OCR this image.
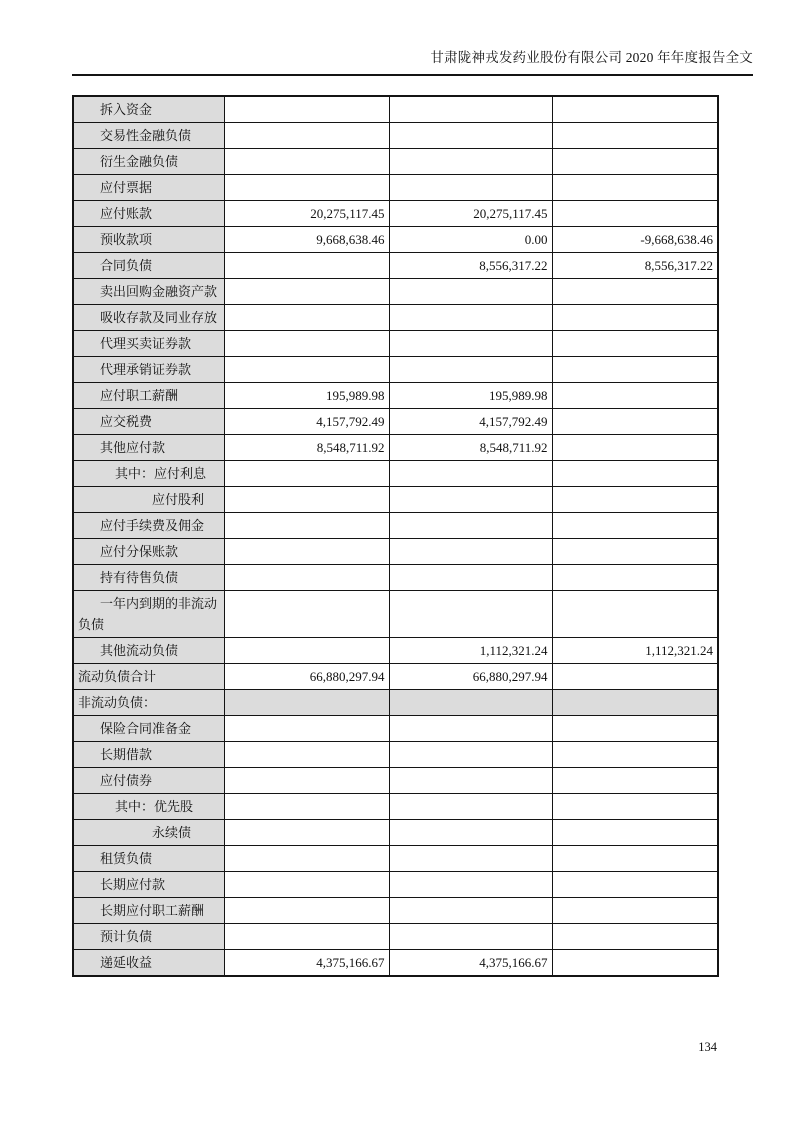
甘肃陇神戎发药业股份有限公司 2020 年年度报告全文
拆入资金			
交易性金融负债			
衍生金融负债			
应付票据			
应付账款	20,275,117.45	20,275,117.45	
预收款项	9,668,638.46	0.00	-9,668,638.46
合同负债		8,556,317.22	8,556,317.22
卖出回购金融资产款			
吸收存款及同业存放			
代理买卖证券款			
代理承销证券款			
应付职工薪酬	195,989.98	195,989.98	
应交税费	4,157,792.49	4,157,792.49	
其他应付款	8,548,711.92	8,548,711.92	
其中：应付利息			
应付股利			
应付手续费及佣金			
应付分保账款			
持有待售负债			
一年内到期的非流动负债			
其他流动负债		1,112,321.24	1,112,321.24
流动负债合计	66,880,297.94	66,880,297.94	
非流动负债：			
保险合同准备金			
长期借款			
应付债券			
其中：优先股			
永续债			
租赁负债			
长期应付款			
长期应付职工薪酬			
预计负债			
递延收益	4,375,166.67	4,375,166.67	
134
